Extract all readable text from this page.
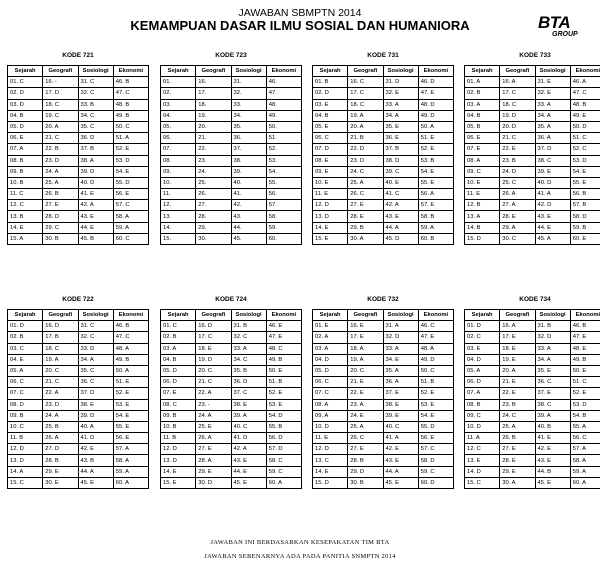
JAWABAN SBMPTN 2014
KEMAMPUAN DASAR ILMU SOSIAL DAN HUMANIORA	BTA
GROUP
KODE 721
Sejarah	Geografi	Sosiologi	Ekonomi
01. C	16. -	31. C	46. B
02. D	17. D	32. C	47. C
03. D	18. C	33. B	48. B
04. B	19. C	34. C	49. B
05. D	20. A	35. C	50. C
06. E	21. C	36. D	51. A
07. A	22. B	37. B	52. E
08. B	23. D	38. A	53. D
09. B	24. A	39. D	54. E
10. B	25. A	40. D	55. D
11. C	26. B	41. E	56. E
12. C	27. E	42. A	57. C
13. B	28. D	43. E	58. A
14. E	29. C	44. E	59. A
15. A	30. B	45. B	60. C
KODE 723
Sejarah	Geografi	Sosiologi	Ekonomi
01.	16.	31.	46.
02.	17.	32.	47.
03.	18.	33.	48.
04.	19.	34.	49.
05.	20.	35.	50.
06.	21.	36.	51.
07.	22.	37.	52.
08.	23.	38.	53.
09.	24.	39.	54.
10.	25.	40.	55.
11.	26.	41.	56.
12.	27.	42.	57.
13.	28.	43.	58.
14.	29.	44.	59.
15.	30.	45.	60.
KODE 731
Sejarah	Geografi	Sosiologi	Ekonomi
01. B	16. C	31. D	46. D
02. D	17. C	32. E	47. E
03. E	18. C	33. A	48. D
04. B	19. A	34. A	49. D
05. E	20. A	35. E	50. A
06. C	21. B	36. E	51. E
07. D	22. D	37. B	52. E
08. E	23. D	38. D	53. B
09. E	24. C	39. C	54. E
10. E	25. A	40. E	55. E
11. E	26. C	41. C	56. A
12. D	27. E	42. A	57. E
13. D	28. E	43. E	58. B
14. E	29. B	44. A	59. A
15. E	30. A	45. D	60. B
KODE 733
Sejarah	Geografi	Sosiologi	Ekonomi
01. A	16. A	31. E	46. A
02. B	17. C	32. E	47. C
03. A	18. C	33. A	48. B
04. B	19. D	34. A	49. E
05. B	20. D	35. A	50. D
06. E	21. C	36. A	51. C
07. E	22. E	37. D	52. C
08. A	23. B	38. C	53. D
09. C	24. D	39. E	54. E
10. E	25. C	40. D	55. E
11. E	26. A	41. A	56. B
12. B	27. A	42. D	57. B
13. A	28. E	43. E	58. D
14. B	29. A	44. E	59. B
15. D	30. C	45. A	60. E
KODE 722
Sejarah	Geografi	Sosiologi	Ekonomi
01. D	16. D	31. C	46. B
02. B	17. B	32. C	47. C
03. C	18. C	33. D	48. A
04. E	19. A	34. A	49. B
05. A	20. C	35. C	50. A
06. C	21. C	36. C	51. E
07. C	22. A	37. D	52. E
08. D	23. D	38. E	53. E
09. B	24. A	39. D	54. E
10. C	25. B	40. A	55. E
11. B	26. A	41. D	56. E
12. D	27. D	42. E	57. A
13. D	28. B	43. B	58. A
14. A	29. E	44. A	59. A
15. C	30. E	45. E	60. A
KODE 724
Sejarah	Geografi	Sosiologi	Ekonomi
01. C	16. D	31. B	46. E
02. B	17. C	32. C	47. E
03. A	18. E	33. A	48. C
04. B	19. D	34. C	49. B
05. D	20. C	35. B	50. E
06. D	21. C	36. D	51. B
07. E	22. A	37. C	52. E
08. C	23. -	38. E	53. E
09. B	24. A	39. A	54. D
10. B	25. E	40. C	55. B
11. B	26. A	41. D	56. D
12. D	27. E	42. A	57. D
13. D	28. A	43. E	58. C
14. E	29. E	44. E	59. C
15. E	30. D	45. E	60. A
KODE 732
Sejarah	Geografi	Sosiologi	Ekonomi
01. E	16. E	31. A	46. C
02. A	17. E	32. D	47. E
03. A	18. A	33. A	48. A
04. D	19. A	34. E	49. D
05. D	20. C	35. A	50. C
06. C	21. E	36. A	51. B
07. C	22. E	37. E	52. E
08. A	23. A	38. E	53. E
09. A	24. E	39. E	54. E
10. D	25. A	40. C	55. D
11. E	26. C	41. A	56. E
12. D	27. E	42. E	57. C
13. C	28. B	43. E	58. D
14. E	29. D	44. A	59. C
15. D	30. B	45. E	60. D
KODE 734
Sejarah	Geografi	Sosiologi	Ekonomi
01. D	16. A	31. B	46. B
02. C	17. E	32. D	47. E
03. E	18. E	33. A	48. E
04. D	19. E	34. A	49. B
05. A	20. A	35. E	50. E
06. D	21. E	36. C	51. C
07. A	22. E	37. E	52. E
08. B	23. B	38. C	53. D
09. C	24. C	39. A	54. B
10. D	25. A	40. B	55. A
11. A	26. B	41. E	56. C
12. C	27. E	42. E	57. A
13. E	28. E	43. E	58. A
14. D	29. E	44. B	59. A
15. C	30. A	45. E	60. A
JAWABAN INI BERDASARKAN KESEPAKATAN TIM BTA
JAWABAN SEBENARNYA ADA PADA PANITIA SNMPTN 2014
